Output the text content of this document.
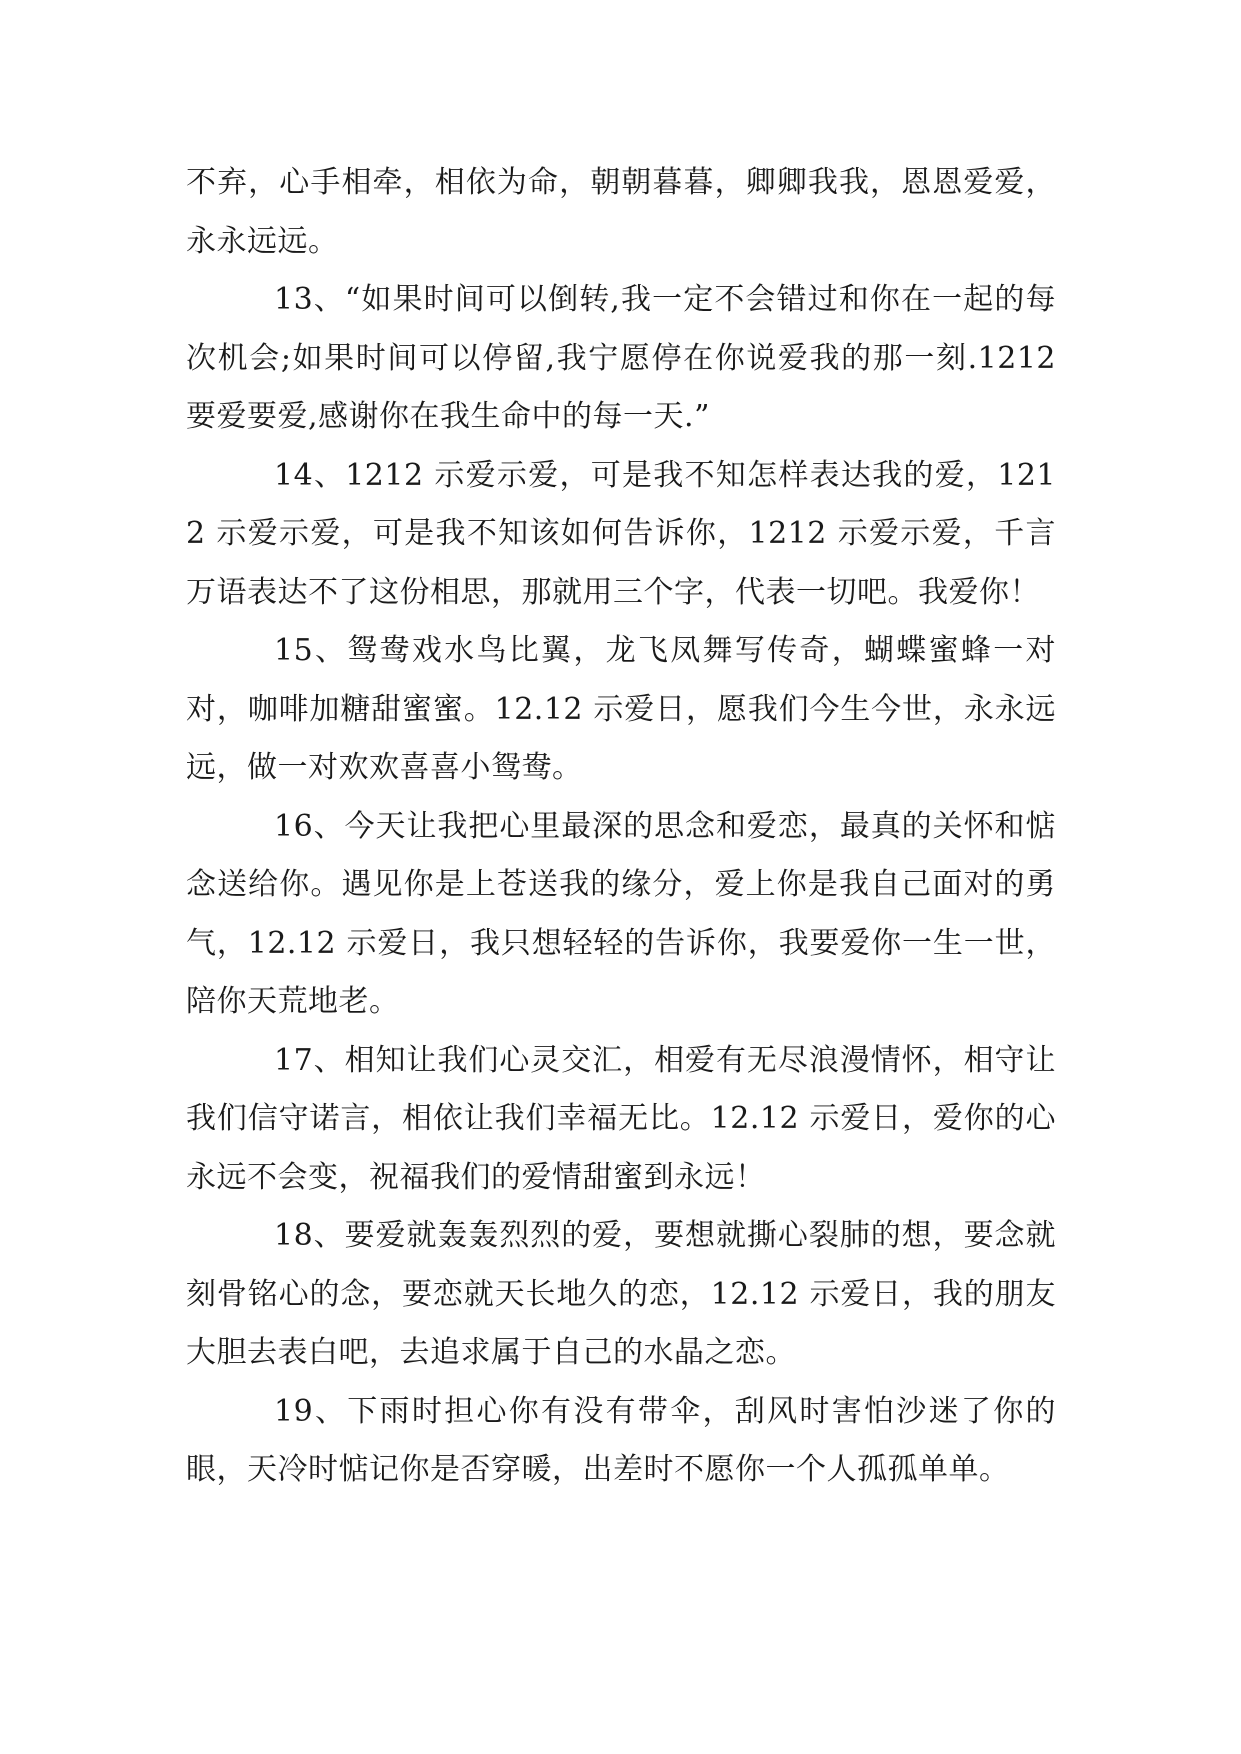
不弃，心手相牵，相依为命，朝朝暮暮，卿卿我我，恩恩爱爱，永永远远。

13、“如果时间可以倒转,我一定不会错过和你在一起的每次机会;如果时间可以停留,我宁愿停在你说爱我的那一刻.1212 要爱要爱,感谢你在我生命中的每一天.”

14、1212 示爱示爱，可是我不知怎样表达我的爱，1212 示爱示爱，可是我不知该如何告诉你，1212 示爱示爱，千言万语表达不了这份相思，那就用三个字，代表一切吧。我爱你！

15、鸳鸯戏水鸟比翼，龙飞凤舞写传奇，蝴蝶蜜蜂一对对，咖啡加糖甜蜜蜜。12.12 示爱日，愿我们今生今世，永永远远，做一对欢欢喜喜小鸳鸯。

16、今天让我把心里最深的思念和爱恋，最真的关怀和惦念送给你。遇见你是上苍送我的缘分，爱上你是我自己面对的勇气，12.12 示爱日，我只想轻轻的告诉你，我要爱你一生一世，陪你天荒地老。

17、相知让我们心灵交汇，相爱有无尽浪漫情怀，相守让我们信守诺言，相依让我们幸福无比。12.12 示爱日，爱你的心永远不会变，祝福我们的爱情甜蜜到永远！

18、要爱就轰轰烈烈的爱，要想就撕心裂肺的想，要念就刻骨铭心的念，要恋就天长地久的恋，12.12 示爱日，我的朋友大胆去表白吧，去追求属于自己的水晶之恋。

19、下雨时担心你有没有带伞，刮风时害怕沙迷了你的眼，天冷时惦记你是否穿暖，出差时不愿你一个人孤孤单单。
